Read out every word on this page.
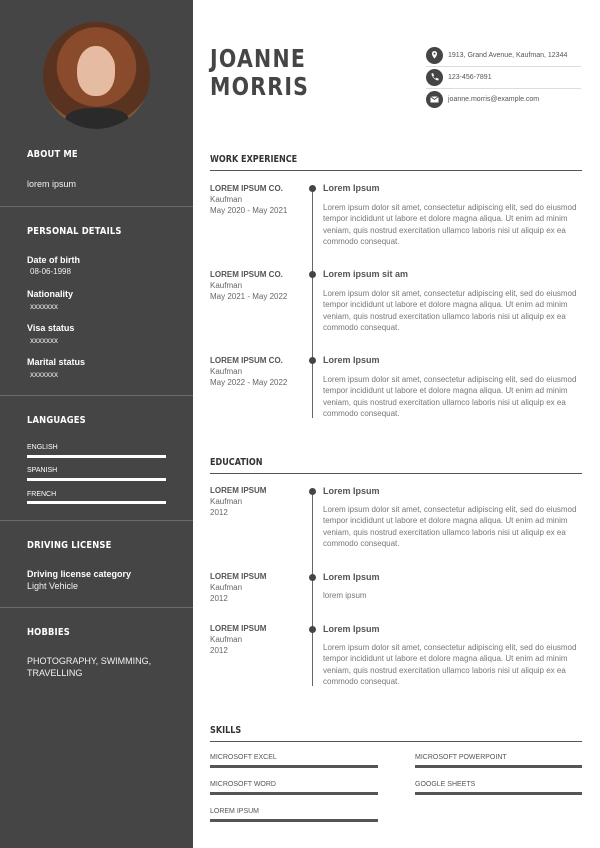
ABOUT ME
lorem ipsum
PERSONAL DETAILS
Date of birth
08-06-1998
Nationality
xxxxxxx
Visa status
xxxxxxx
Marital status
xxxxxxx
LANGUAGES
ENGLISH
SPANISH
FRENCH
DRIVING LICENSE
Driving license category
Light Vehicle
HOBBIES
PHOTOGRAPHY, SWIMMING,
TRAVELLING
JOANNE
MORRIS
1913, Grand Avenue, Kaufman, 12344
123-456-7891
joanne.morris@example.com
WORK EXPERIENCE
LOREM IPSUM CO.
Kaufman
May 2020 - May 2021
Lorem Ipsum
Lorem ipsum dolor sit amet, consectetur adipiscing elit, sed do eiusmod tempor incididunt ut labore et dolore magna aliqua. Ut enim ad minim veniam, quis nostrud exercitation ullamco laboris nisi ut aliquip ex ea commodo consequat.
LOREM IPSUM CO.
Kaufman
May 2021 - May 2022
Lorem ipsum sit am
Lorem ipsum dolor sit amet, consectetur adipiscing elit, sed do eiusmod tempor incididunt ut labore et dolore magna aliqua. Ut enim ad minim veniam, quis nostrud exercitation ullamco laboris nisi ut aliquip ex ea commodo consequat.
LOREM IPSUM CO.
Kaufman
May 2022 - May 2022
Lorem Ipsum
Lorem ipsum dolor sit amet, consectetur adipiscing elit, sed do eiusmod tempor incididunt ut labore et dolore magna aliqua. Ut enim ad minim veniam, quis nostrud exercitation ullamco laboris nisi ut aliquip ex ea commodo consequat.
EDUCATION
LOREM IPSUM
Kaufman
2012
Lorem Ipsum
Lorem ipsum dolor sit amet, consectetur adipiscing elit, sed do eiusmod tempor incididunt ut labore et dolore magna aliqua. Ut enim ad minim veniam, quis nostrud exercitation ullamco laboris nisi ut aliquip ex ea commodo consequat.
LOREM IPSUM
Kaufman
2012
Lorem Ipsum
lorem ipsum
LOREM IPSUM
Kaufman
2012
Lorem Ipsum
Lorem ipsum dolor sit amet, consectetur adipiscing elit, sed do eiusmod tempor incididunt ut labore et dolore magna aliqua. Ut enim ad minim veniam, quis nostrud exercitation ullamco laboris nisi ut aliquip ex ea commodo consequat.
SKILLS
MICROSOFT EXCEL	MICROSOFT POWERPOINT
MICROSOFT WORD	GOOGLE SHEETS
LOREM IPSUM
